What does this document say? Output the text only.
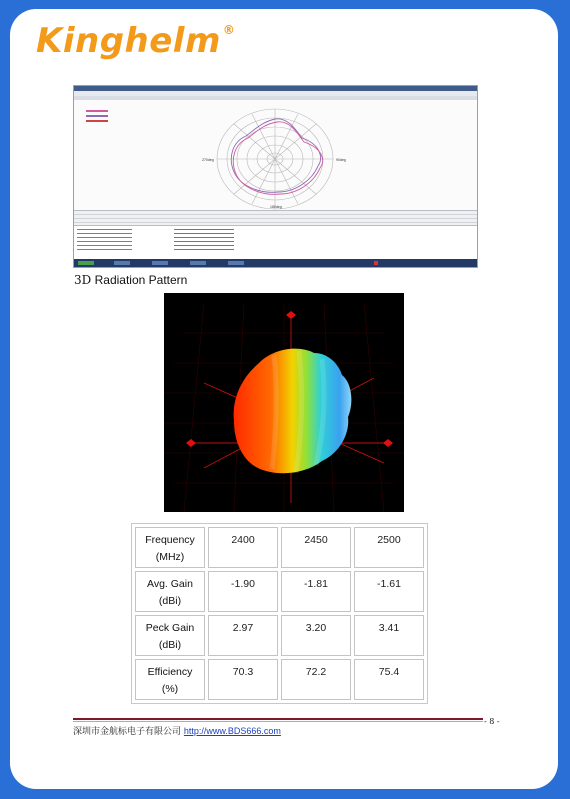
Kinghelm ®
270deg	90deg
180deg
3D Radiation Pattern
Frequency
(MHz)	2400	2450	2500
Avg. Gain
(dBi)	-1.90	-1.81	-1.61
Peck Gain
(dBi)	2.97	3.20	3.41
Efficiency
(%)	70.3	72.2	75.4
- 8 -
深圳市金航标电子有限公司 http://www.BDS666.com
